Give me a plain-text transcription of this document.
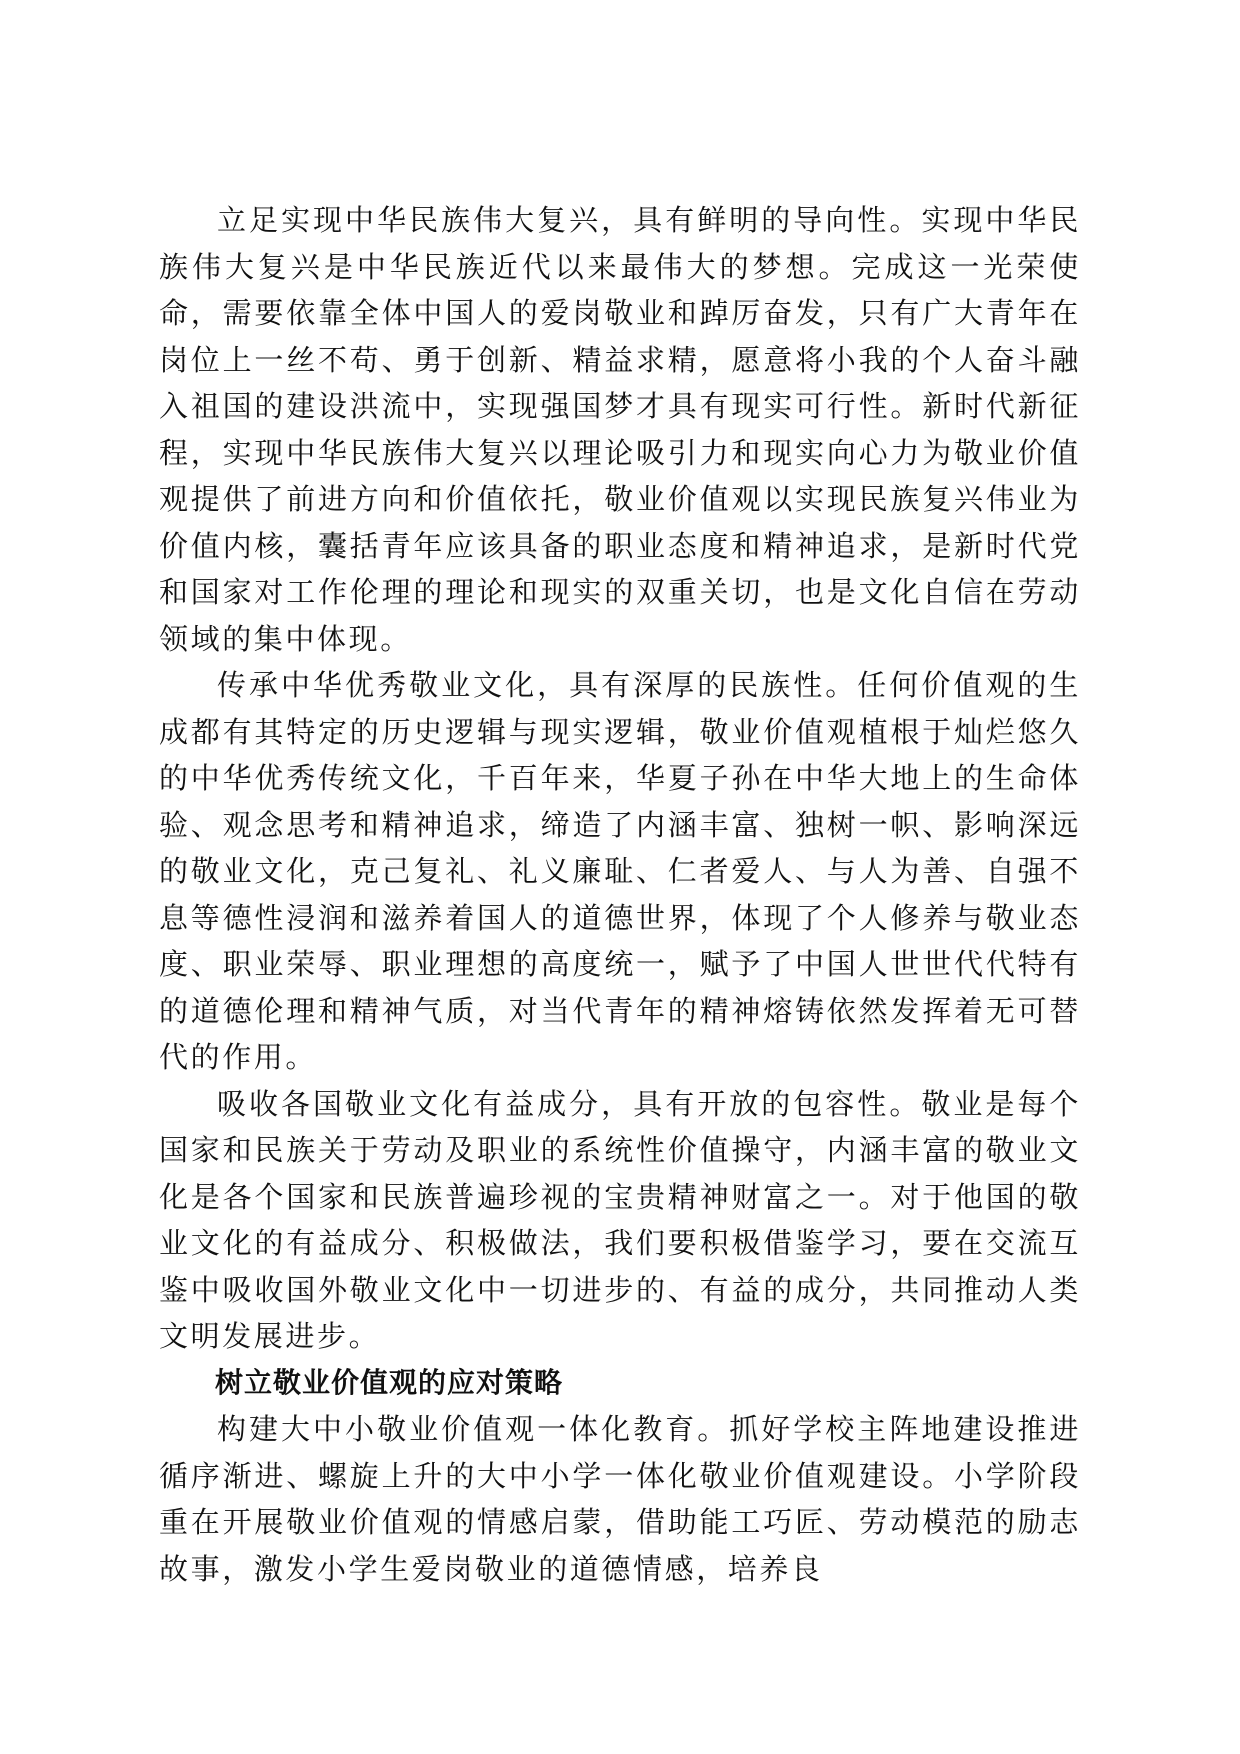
立足实现中华民族伟大复兴，具有鲜明的导向性。实现中华民族伟大复兴是中华民族近代以来最伟大的梦想。完成这一光荣使命，需要依靠全体中国人的爱岗敬业和踔厉奋发，只有广大青年在岗位上一丝不苟、勇于创新、精益求精，愿意将小我的个人奋斗融入祖国的建设洪流中，实现强国梦才具有现实可行性。新时代新征程，实现中华民族伟大复兴以理论吸引力和现实向心力为敬业价值观提供了前进方向和价值依托，敬业价值观以实现民族复兴伟业为价值内核，囊括青年应该具备的职业态度和精神追求，是新时代党和国家对工作伦理的理论和现实的双重关切，也是文化自信在劳动领域的集中体现。

传承中华优秀敬业文化，具有深厚的民族性。任何价值观的生成都有其特定的历史逻辑与现实逻辑，敬业价值观植根于灿烂悠久的中华优秀传统文化，千百年来，华夏子孙在中华大地上的生命体验、观念思考和精神追求，缔造了内涵丰富、独树一帜、影响深远的敬业文化，克己复礼、礼义廉耻、仁者爱人、与人为善、自强不息等德性浸润和滋养着国人的道德世界，体现了个人修养与敬业态度、职业荣辱、职业理想的高度统一，赋予了中国人世世代代特有的道德伦理和精神气质，对当代青年的精神熔铸依然发挥着无可替代的作用。

吸收各国敬业文化有益成分，具有开放的包容性。敬业是每个国家和民族关于劳动及职业的系统性价值操守，内涵丰富的敬业文化是各个国家和民族普遍珍视的宝贵精神财富之一。对于他国的敬业文化的有益成分、积极做法，我们要积极借鉴学习，要在交流互鉴中吸收国外敬业文化中一切进步的、有益的成分，共同推动人类文明发展进步。

树立敬业价值观的应对策略

构建大中小敬业价值观一体化教育。抓好学校主阵地建设推进循序渐进、螺旋上升的大中小学一体化敬业价值观建设。小学阶段重在开展敬业价值观的情感启蒙，借助能工巧匠、劳动模范的励志故事，激发小学生爱岗敬业的道德情感，培养良
